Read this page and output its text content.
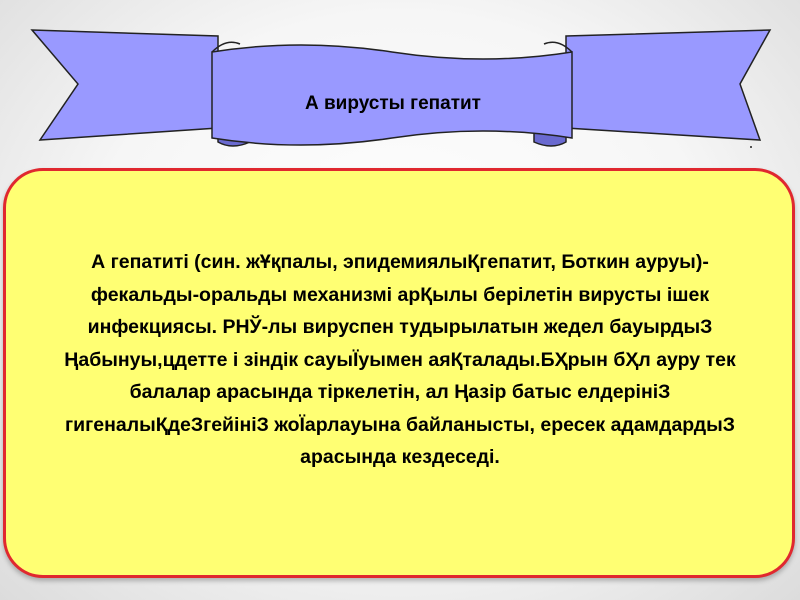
А вирусты гепатит
А гепатиті (син. жҰқпалы, эпидемиялыҚгепатит, Боткин ауруы)- фекальды-оральды механизмі арҚылы берілетін вирусты ішек инфекциясы. РНЎ-лы вируспен тудырылатын жедел бауырдыЗ Ңабынуы,цдетте і зіндік сауыЇуымен аяҚталады.БҲрын бҲл ауру тек балалар арасында тіркелетін, ал Ңазір батыс елдерініЗ гигеналыҚдеЗгейініЗ жоЇарлауына байланысты, ересек адамдардыЗ арасында кездеседі.
